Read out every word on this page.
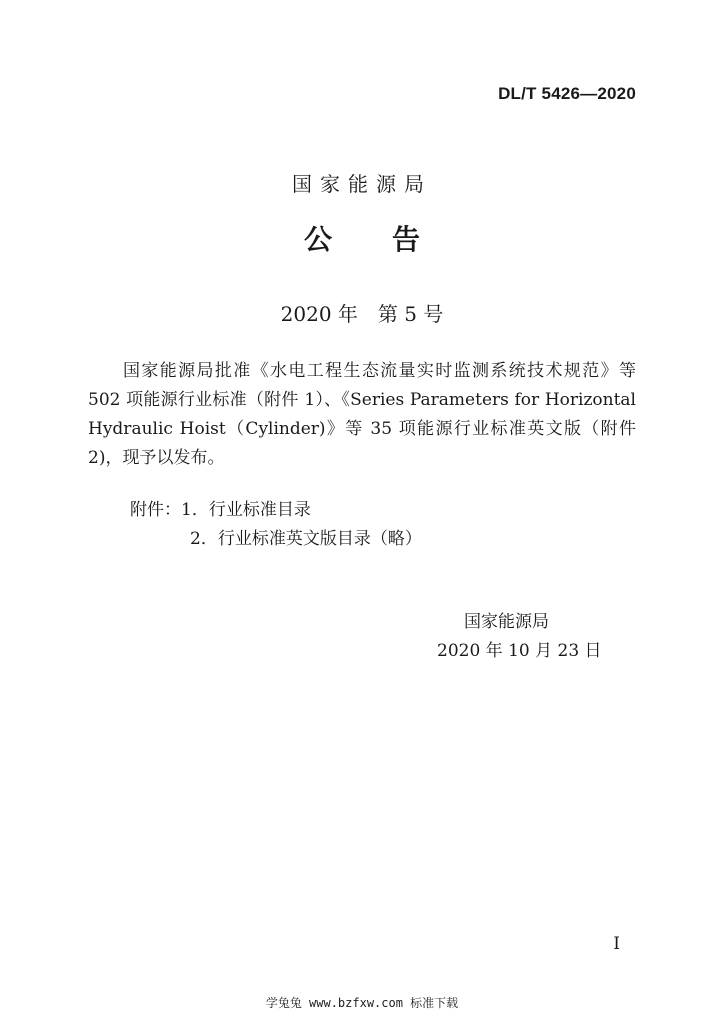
DL/T 5426—2020
国家能源局
公告
2020 年 第 5 号
国家能源局批准《水电工程生态流量实时监测系统技术规范》等 502 项能源行业标准（附件 1）、《Series Parameters for Horizontal Hydraulic Hoist（Cylinder)》等 35 项能源行业标准英文版（附件 2)，现予以发布。
附件：1．行业标准目录
2．行业标准英文版目录（略）
国家能源局
2020 年 10 月 23 日
I
学兔兔 www.bzfxw.com 标准下载
